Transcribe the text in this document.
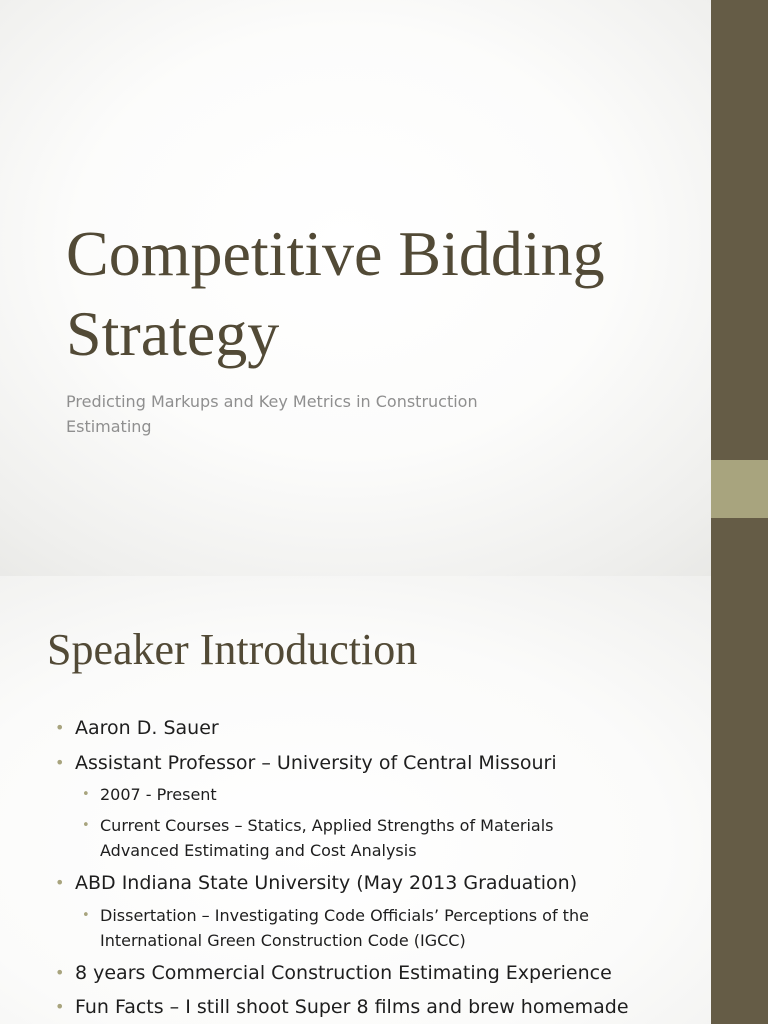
Competitive Bidding
Strategy

Predicting Markups and Key Metrics in Construction
Estimating

Speaker Introduction
• Aaron D. Sauer
• Assistant Professor – University of Central Missouri
• 2007 - Present
• Current Courses – Statics, Applied Strengths of Materials
Advanced Estimating and Cost Analysis
• ABD Indiana State University (May 2013 Graduation)
• Dissertation – Investigating Code Officials’ Perceptions of the
International Green Construction Code (IGCC)
• 8 years Commercial Construction Estimating Experience
• Fun Facts – I still shoot Super 8 films and brew homemade
